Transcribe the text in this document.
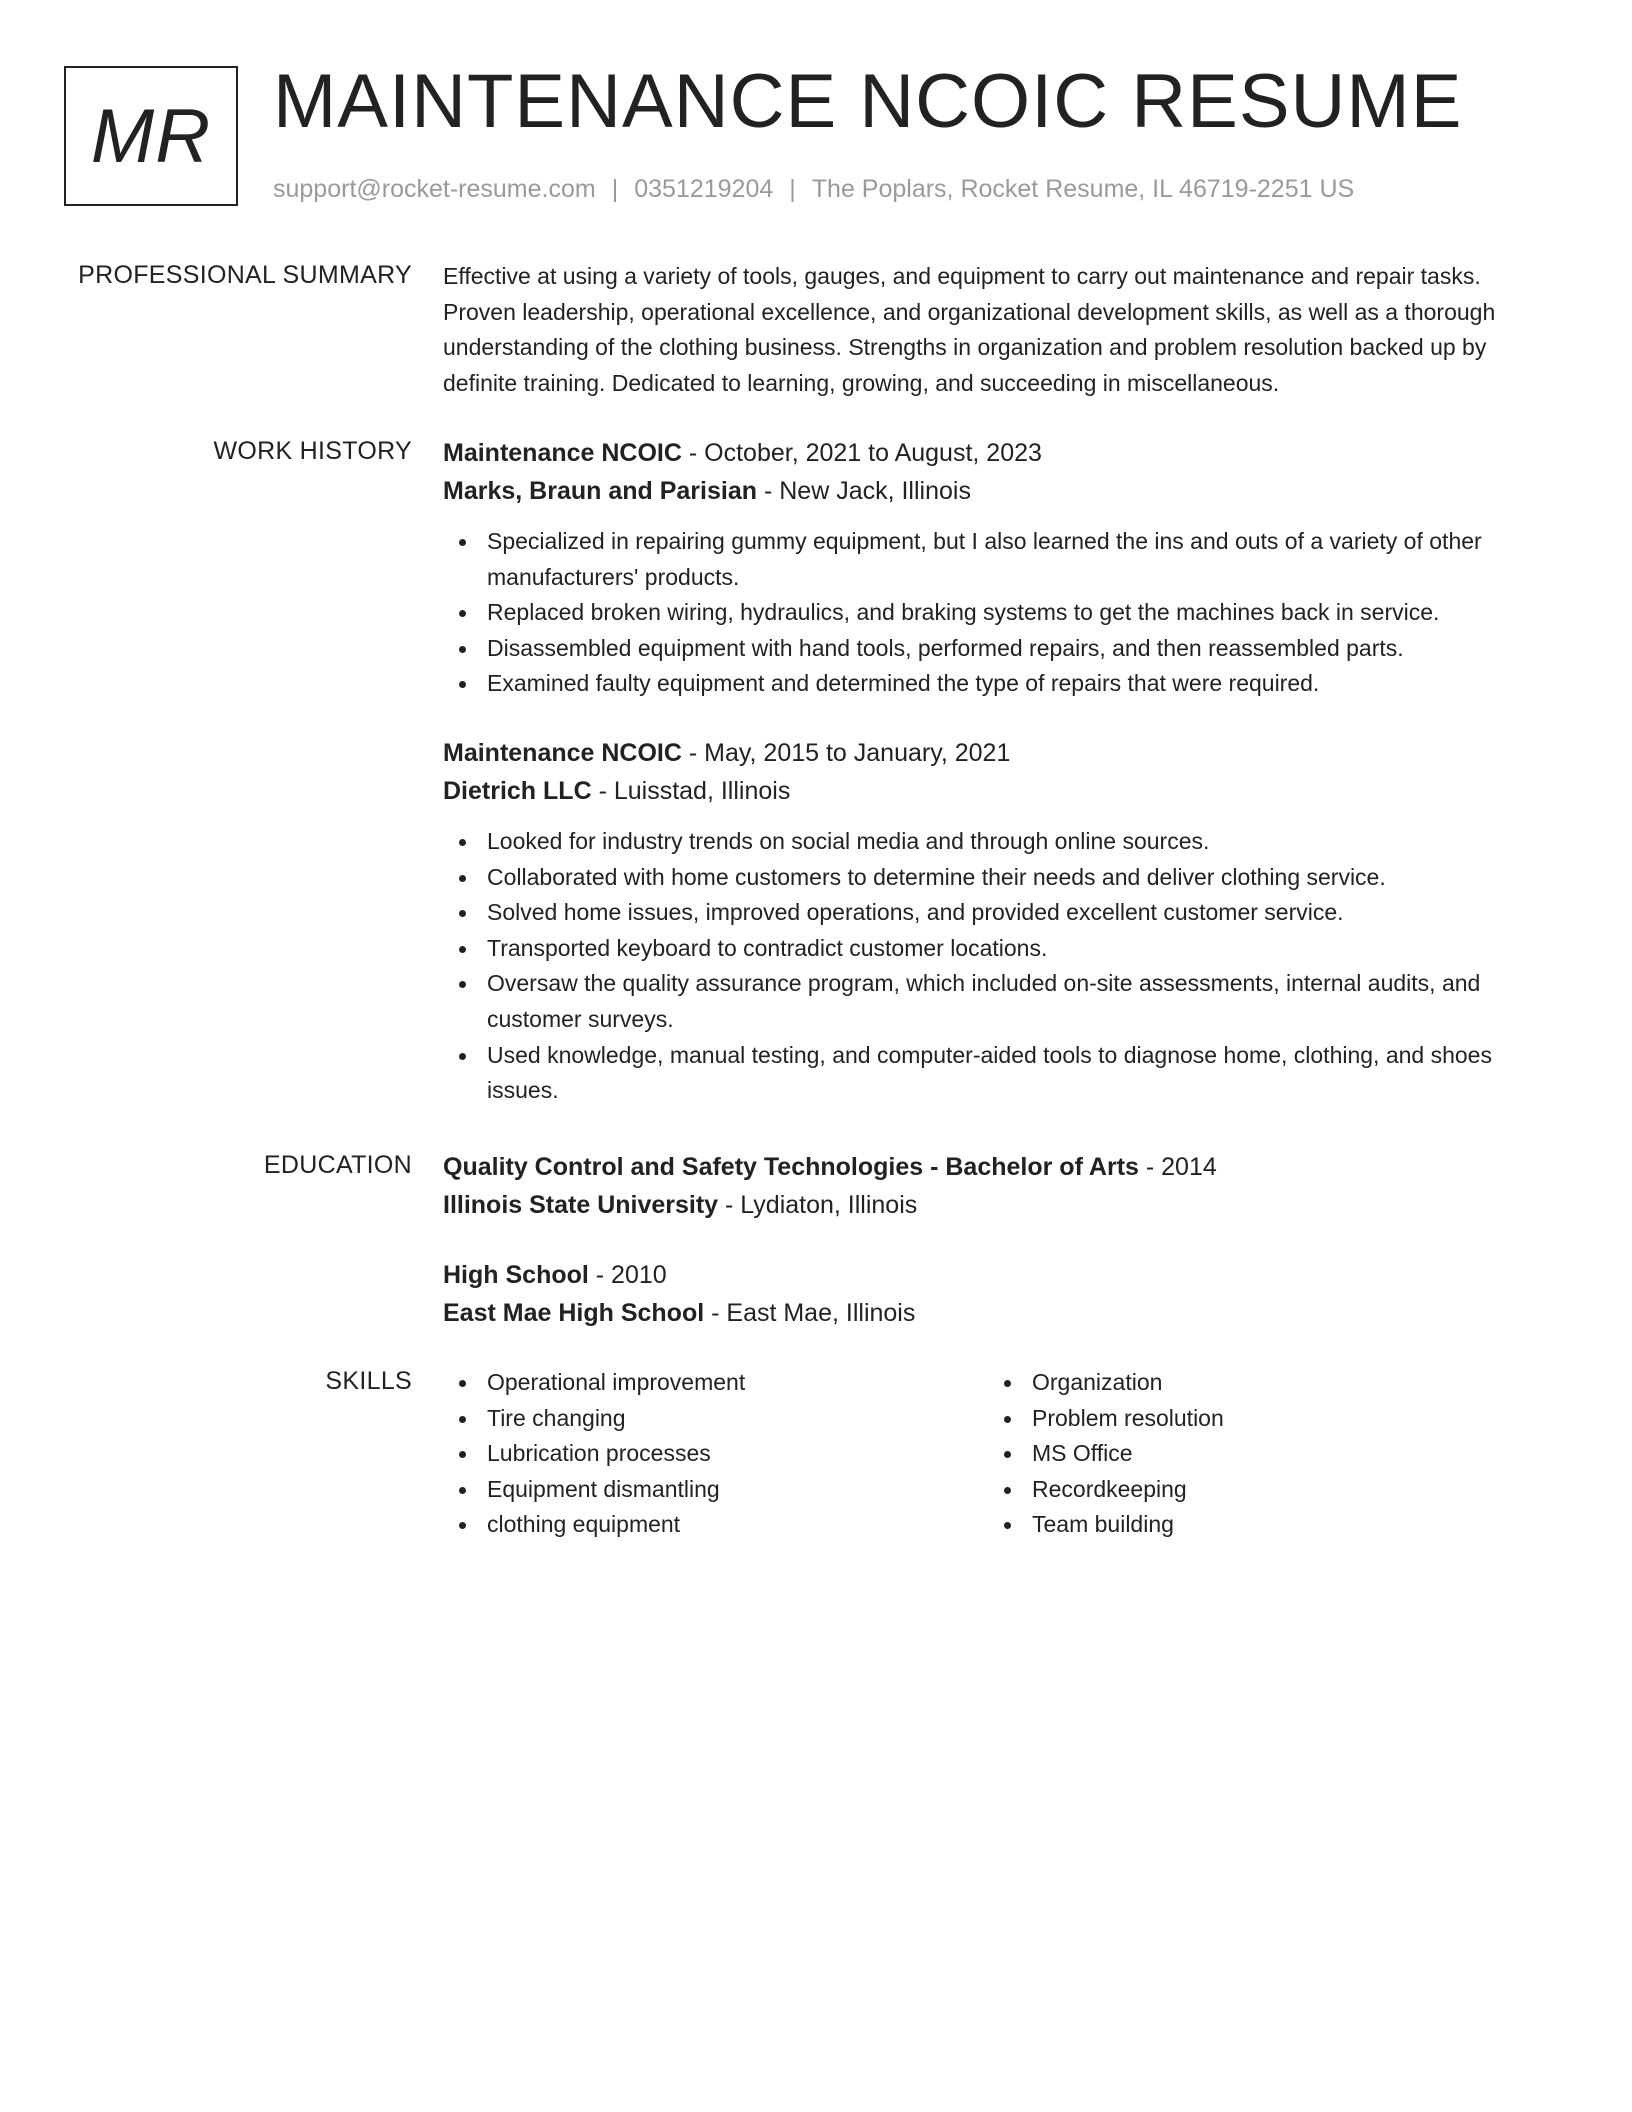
MR MAINTENANCE NCOIC RESUME
support@rocket-resume.com | 0351219204 | The Poplars, Rocket Resume, IL 46719-2251 US
PROFESSIONAL SUMMARY Effective at using a variety of tools, gauges, and equipment to carry out maintenance and repair tasks. Proven leadership, operational excellence, and organizational development skills, as well as a thorough understanding of the clothing business. Strengths in organization and problem resolution backed up by definite training. Dedicated to learning, growing, and succeeding in miscellaneous.

WORK HISTORY Maintenance NCOIC - October, 2021 to August, 2023
Marks, Braun and Parisian - New Jack, Illinois
Specialized in repairing gummy equipment, but I also learned the ins and outs of a variety of other manufacturers' products.
Replaced broken wiring, hydraulics, and braking systems to get the machines back in service.
Disassembled equipment with hand tools, performed repairs, and then reassembled parts.
Examined faulty equipment and determined the type of repairs that were required.
Maintenance NCOIC - May, 2015 to January, 2021
Dietrich LLC - Luisstad, Illinois
Looked for industry trends on social media and through online sources.
Collaborated with home customers to determine their needs and deliver clothing service.
Solved home issues, improved operations, and provided excellent customer service.
Transported keyboard to contradict customer locations.
Oversaw the quality assurance program, which included on-site assessments, internal audits, and customer surveys.
Used knowledge, manual testing, and computer-aided tools to diagnose home, clothing, and shoes issues.
EDUCATION Quality Control and Safety Technologies - Bachelor of Arts - 2014
Illinois State University - Lydiaton, Illinois
High School - 2010
East Mae High School - East Mae, Illinois
SKILLS	Operational improvement
Tire changing
Lubrication processes
Equipment dismantling
clothing equipment
Organization
Problem resolution
MS Office
Recordkeeping
Team building
